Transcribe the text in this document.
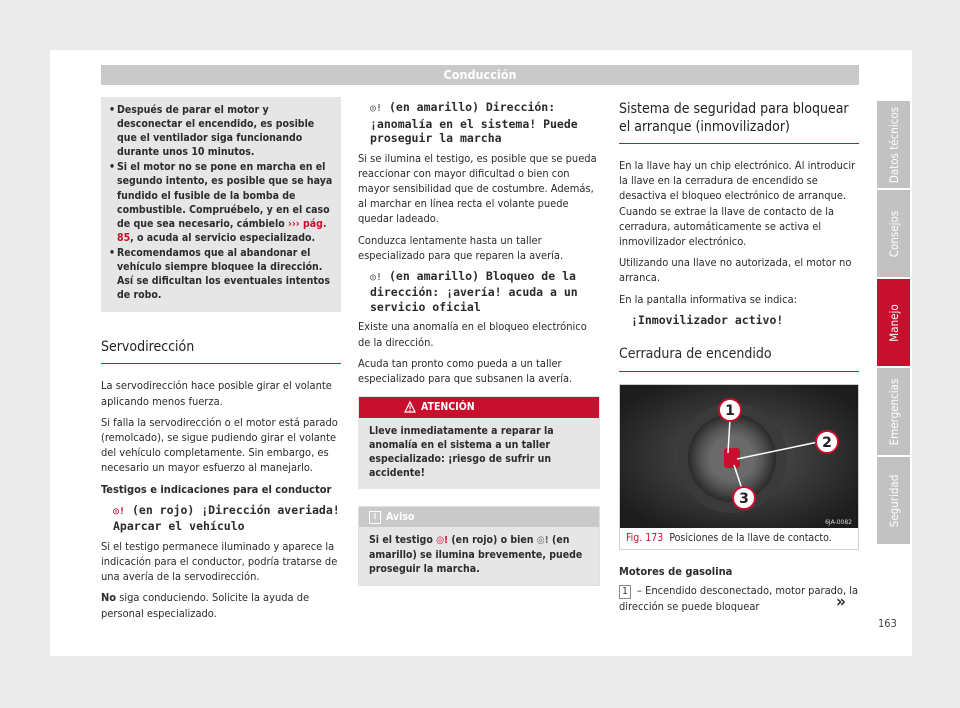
Conducción
• Después de parar el motor y desconectar el encendido, es posible que el ventilador siga funcionando durante unos 10 minutos.
• Si el motor no se pone en marcha en el segundo intento, es posible que se haya fundido el fusible de la bomba de combustible. Compruébelo, y en el caso de que sea necesario, cámbielo ››› pág. 85, o acuda al servicio especializado.
• Recomendamos que al abandonar el vehículo siempre bloquee la dirección. Así se dificultan los eventuales intentos de robo.
Servodirección

La servodirección hace posible girar el volante aplicando menos fuerza.

Si falla la servodirección o el motor está parado (remolcado), se sigue pudiendo girar el volante del vehículo completamente. Sin embargo, es necesario un mayor esfuerzo al manejarlo.

Testigos e indicaciones para el conductor

◎! (en rojo) ¡Dirección averiada! Aparcar el vehículo

Si el testigo permanece iluminado y aparece la indicación para el conductor, podría tratarse de una avería de la servodirección.

No siga conduciendo. Solicite la ayuda de personal especializado.

◎! (en amarillo) Dirección: ¡anomalía en el sistema! Puede proseguir la marcha

Si se ilumina el testigo, es posible que se pueda reaccionar con mayor dificultad o bien con mayor sensibilidad que de costumbre. Además, al marchar en línea recta el volante puede quedar ladeado.

Conduzca lentamente hasta un taller especializado para que reparen la avería.

◎! (en amarillo) Bloqueo de la dirección: ¡avería! acuda a un servicio oficial

Existe una anomalía en el bloqueo electrónico de la dirección.

Acuda tan pronto como pueda a un taller especializado para que subsanen la avería.

ATENCIÓN
Lleve inmediatamente a reparar la anomalía en el sistema a un taller especializado: ¡riesgo de sufrir un accidente!
i Aviso
Si el testigo ◎! (en rojo) o bien ◎! (en amarillo) se ilumina brevemente, puede proseguir la marcha.
Sistema de seguridad para bloquear el arranque (inmovilizador)

En la llave hay un chip electrónico. Al introducir la llave en la cerradura de encendido se desactiva el bloqueo electrónico de arranque. Cuando se extrae la llave de contacto de la cerradura, automáticamente se activa el inmovilizador electrónico.

Utilizando una llave no autorizada, el motor no arranca.

En la pantalla informativa se indica:

¡Inmovilizador activo!

Cerradura de encendido
1
2
3
6JA-0082
Fig. 173 Posiciones de la llave de contacto.

Motores de gasolina

1 – Encendido desconectado, motor parado, la dirección se puede bloquear	»
Datos técnicos
Consejos
Manejo
Emergencias
Seguridad
163
